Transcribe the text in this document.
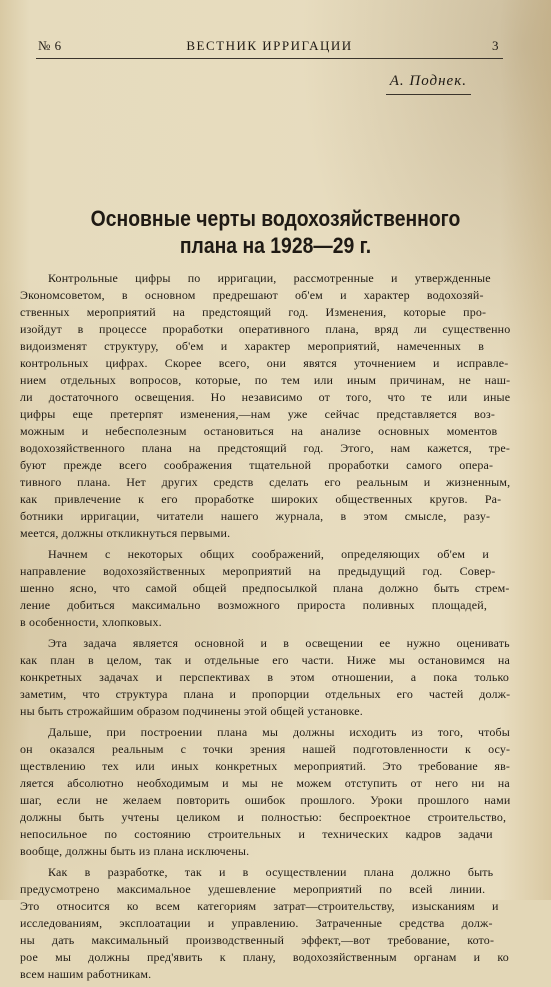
№ 6	ВЕСТНИК ИРРИГАЦИИ	3
А. Поднек.
Основные черты водохозяйственного
плана на 1928—29 г.
Контрольные цифры по ирригации, рассмотренные и утвержденные
Экономсоветом, в основном предрешают об'ем и характер водохозяй-
ственных мероприятий на предстоящий год. Изменения, которые про-
изойдут в процессе проработки оперативного плана, вряд ли существенно
видоизменят структуру, об'ем и характер мероприятий, намеченных в
контрольных цифрах. Скорее всего, они явятся уточнением и исправле-
нием отдельных вопросов, которые, по тем или иным причинам, не наш-
ли достаточного освещения. Но независимо от того, что те или иные
цифры еще претерпят изменения,—нам уже сейчас представляется воз-
можным и небесполезным остановиться на анализе основных моментов
водохозяйственного плана на предстоящий год. Этого, нам кажется, тре-
буют прежде всего соображения тщательной проработки самого опера-
тивного плана. Нет других средств сделать его реальным и жизненным,
как привлечение к его проработке широких общественных кругов. Ра-
ботники ирригации, читатели нашего журнала, в этом смысле, разу-
меется, должны откликнуться первыми.
Начнем с некоторых общих соображений, определяющих об'ем и
направление водохозяйственных мероприятий на предыдущий год. Совер-
шенно ясно, что самой общей предпосылкой плана должно быть стрем-
ление добиться максимально возможного прироста поливных площадей,
в особенности, хлопковых.
Эта задача является основной и в освещении ее нужно оценивать
как план в целом, так и отдельные его части. Ниже мы остановимся на
конкретных задачах и перспективах в этом отношении, а пока только
заметим, что структура плана и пропорции отдельных его частей долж-
ны быть строжайшим образом подчинены этой общей установке.
Дальше, при построении плана мы должны исходить из того, чтобы
он оказался реальным с точки зрения нашей подготовленности к осу-
ществлению тех или иных конкретных мероприятий. Это требование яв-
ляется абсолютно необходимым и мы не можем отступить от него ни на
шаг, если не желаем повторить ошибок прошлого. Уроки прошлого нами
должны быть учтены целиком и полностью: беспроектное строительство,
непосильное по состоянию строительных и технических кадров задачи
вообще, должны быть из плана исключены.
Как в разработке, так и в осуществлении плана должно быть
предусмотрено максимальное удешевление мероприятий по всей линии.
Это относится ко всем категориям затрат—строительству, изысканиям и
исследованиям, эксплоатации и управлению. Затраченные средства долж-
ны дать максимальный производственный эффект,—вот требование, кото-
рое мы должны пред'явить к плану, водохозяйственным органам и ко
всем нашим работникам.
